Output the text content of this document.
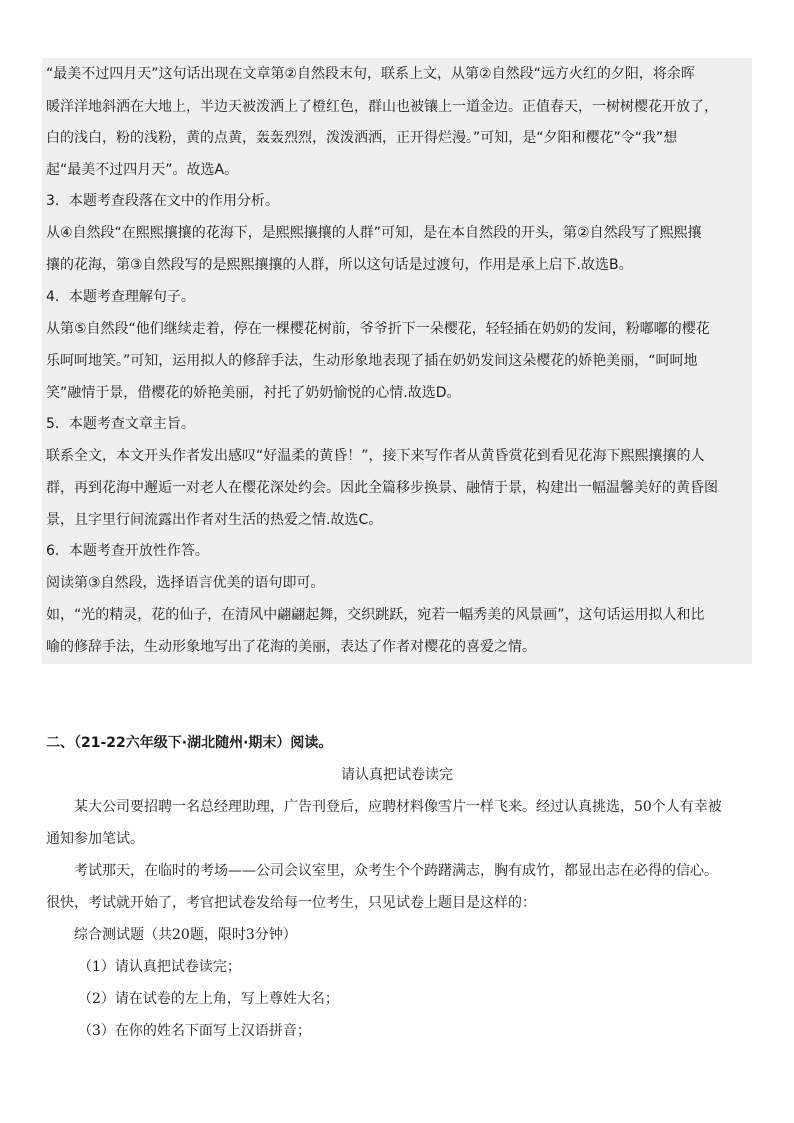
“最美不过四月天”这句话出现在文章第②自然段末句，联系上文，从第②自然段“远方火红的夕阳，将余晖
暖洋洋地斜洒在大地上，半边天被泼洒上了橙红色，群山也被镶上一道金边。正值春天，一树树樱花开放了，
白的浅白，粉的浅粉，黄的点黄，轰轰烈烈，泼泼洒洒，正开得烂漫。”可知，是“夕阳和樱花”令“我”想
起“最美不过四月天”。故选A。
3．本题考查段落在文中的作用分析。
从④自然段“在熙熙攘攘的花海下，是熙熙攘攘的人群”可知，是在本自然段的开头，第②自然段写了熙熙攘
攘的花海，第③自然段写的是熙熙攘攘的人群，所以这句话是过渡句，作用是承上启下.故选B。
4．本题考查理解句子。
从第⑤自然段“他们继续走着，停在一棵樱花树前，爷爷折下一朵樱花，轻轻插在奶奶的发间，粉嘟嘟的樱花
乐呵呵地笑。”可知，运用拟人的修辞手法，生动形象地表现了插在奶奶发间这朵樱花的娇艳美丽，“呵呵地
笑”融情于景，借樱花的娇艳美丽，衬托了奶奶愉悦的心情.故选D。
5．本题考查文章主旨。
联系全文，本文开头作者发出感叹“好温柔的黄昏！”，接下来写作者从黄昏赏花到看见花海下熙熙攘攘的人
群，再到花海中邂逅一对老人在樱花深处约会。因此全篇移步换景、融情于景，构建出一幅温馨美好的黄昏图
景，且字里行间流露出作者对生活的热爱之情.故选C。
6．本题考查开放性作答。
阅读第③自然段，选择语言优美的语句即可。
如，“光的精灵，花的仙子，在清风中翩翩起舞，交织跳跃，宛若一幅秀美的风景画”，这句话运用拟人和比
喻的修辞手法，生动形象地写出了花海的美丽，表达了作者对樱花的喜爱之情。
二、（21-22六年级下·湖北随州·期末）阅读。
请认真把试卷读完
某大公司要招聘一名总经理助理，广告刊登后，应聘材料像雪片一样飞来。经过认真挑选，50个人有幸被
通知参加笔试。
考试那天，在临时的考场——公司会议室里，众考生个个踌躇满志，胸有成竹，都显出志在必得的信心。
很快，考试就开始了，考官把试卷发给每一位考生，只见试卷上题目是这样的：
综合测试题（共20题，限时3分钟）
（1）请认真把试卷读完；
（2）请在试卷的左上角，写上尊姓大名；
（3）在你的姓名下面写上汉语拼音；
